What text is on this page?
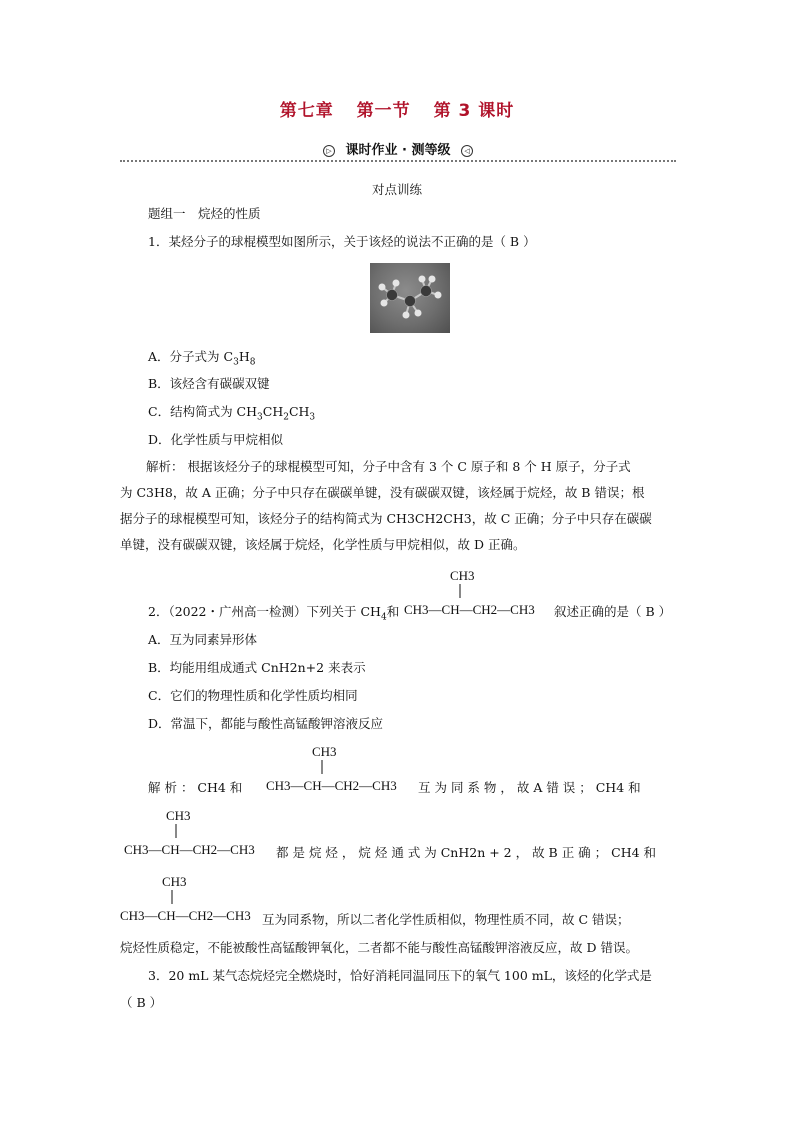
第七章 第一节 第 3 课时
▷ 课时作业 · 测等级 ◁
对点训练
题组一　烷烃的性质
1．某烃分子的球棍模型如图所示，关于该烃的说法不正确的是（ B ）
A．分子式为 $C_3H_8$
B．该烃含有碳碳双键
C．结构简式为 $CH_3CH_2CH_3$
D．化学性质与甲烷相似
解析： 根据该烃分子的球棍模型可知，分子中含有 3 个 C 原子和 8 个 H 原子，分子式
为 C3H8，故 A 正确；分子中只存在碳碳单键，没有碳碳双键，该烃属于烷烃，故 B 错误；根
据分子的球棍模型可知，该烃分子的结构简式为 CH3CH2CH3，故 C 正确；分子中只存在碳碳
单键，没有碳碳双键，该烃属于烷烃，化学性质与甲烷相似，故 D 正确。
2．（2022・广州高一检测）下列关于 $CH_4$和
CH3
CH3—CH—CH2—CH3 叙述正确的是（ B ）
A．互为同素异形体
B．均能用组成通式 CnH2n+2 来表示
C．它们的物理性质和化学性质均相同
D．常温下，都能与酸性高锰酸钾溶液反应
解 析 ： CH4 和
CH3
CH3—CH—CH2—CH3 互 为 同 系 物 ， 故 A 错 误 ； CH4 和
CH3
CH3—CH—CH2—CH3 都 是 烷 烃 ， 烷 烃 通 式 为 CnH2n + 2 ， 故 B 正 确 ； CH4 和
CH3
CH3—CH—CH2—CH3 互为同系物，所以二者化学性质相似，物理性质不同，故 C 错误；
烷烃性质稳定，不能被酸性高锰酸钾氧化，二者都不能与酸性高锰酸钾溶液反应，故 D 错误。
3．20 mL 某气态烷烃完全燃烧时，恰好消耗同温同压下的氧气 100 mL，该烃的化学式是
（ B ）
